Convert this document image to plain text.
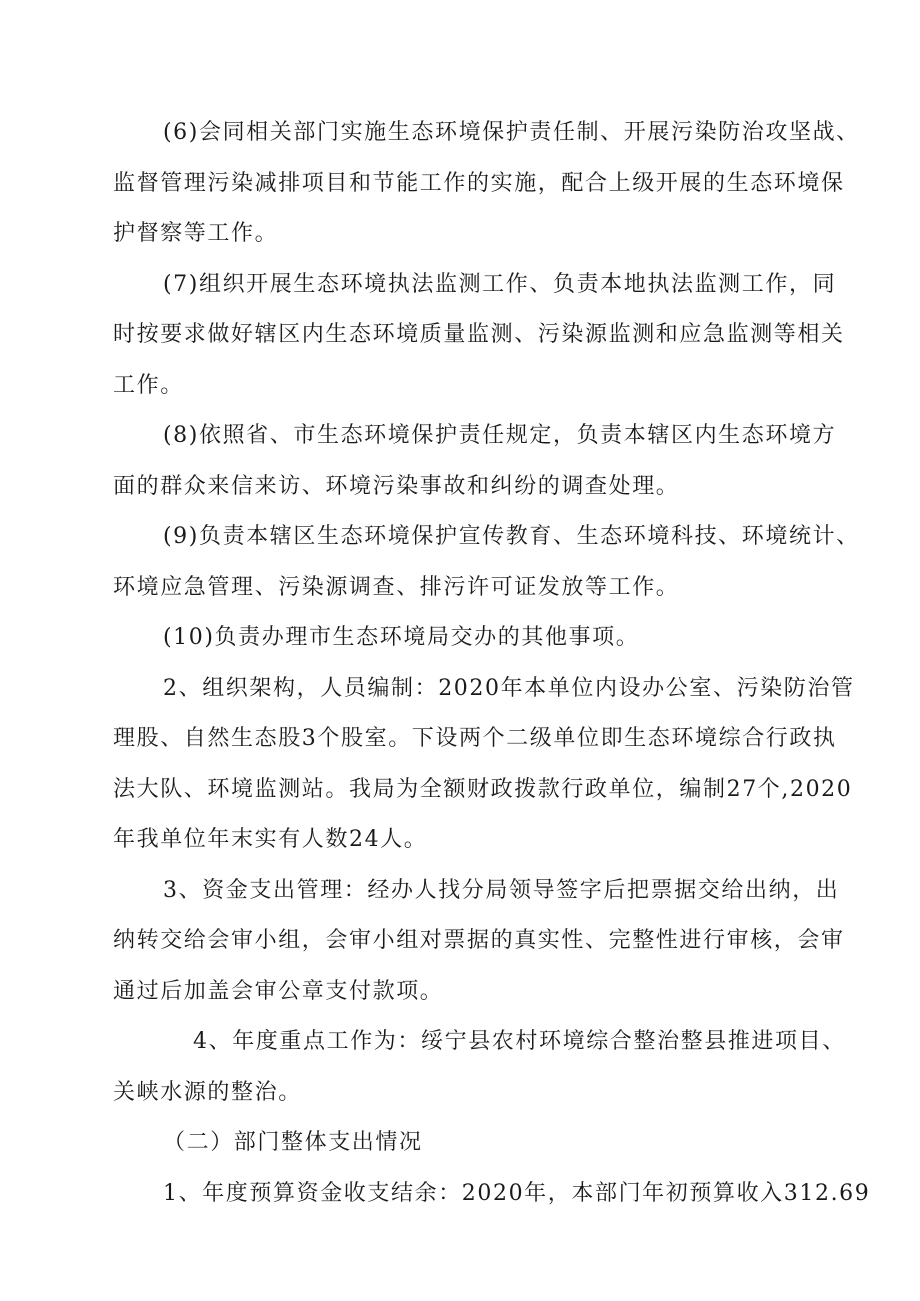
(6)会同相关部门实施生态环境保护责任制、开展污染防治攻坚战、
监督管理污染减排项目和节能工作的实施，配合上级开展的生态环境保
护督察等工作。
(7)组织开展生态环境执法监测工作、负责本地执法监测工作，同
时按要求做好辖区内生态环境质量监测、污染源监测和应急监测等相关
工作。
(8)依照省、市生态环境保护责任规定，负责本辖区内生态环境方
面的群众来信来访、环境污染事故和纠纷的调查处理。
(9)负责本辖区生态环境保护宣传教育、生态环境科技、环境统计、
环境应急管理、污染源调查、排污许可证发放等工作。
(10)负责办理市生态环境局交办的其他事项。
2、组织架构，人员编制：2020年本单位内设办公室、污染防治管
理股、自然生态股3个股室。下设两个二级单位即生态环境综合行政执
法大队、环境监测站。我局为全额财政拨款行政单位，编制27个,2020
年我单位年末实有人数24人。
3、资金支出管理：经办人找分局领导签字后把票据交给出纳，出
纳转交给会审小组，会审小组对票据的真实性、完整性进行审核，会审
通过后加盖会审公章支付款项。
4、年度重点工作为：绥宁县农村环境综合整治整县推进项目、
关峡水源的整治。
（二）部门整体支出情况
1、年度预算资金收支结余：2020年，本部门年初预算收入312.69
